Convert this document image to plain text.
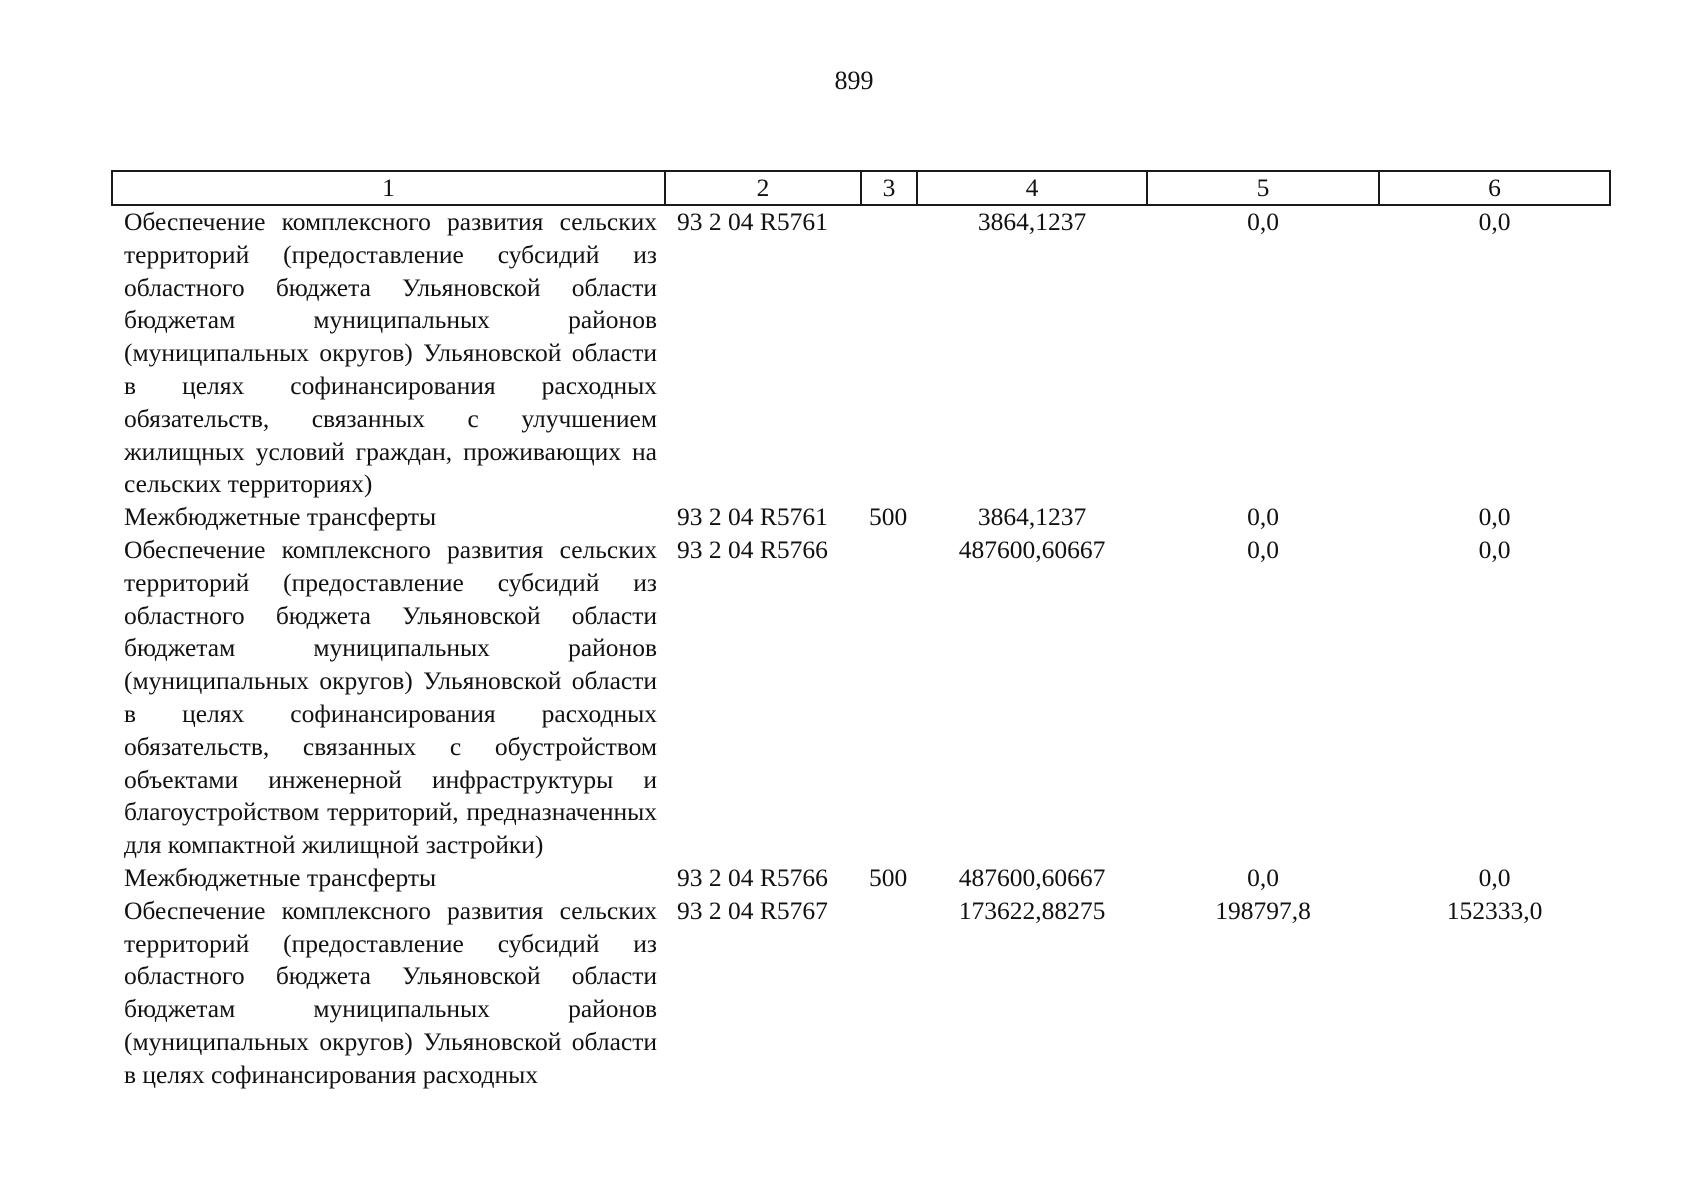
899
1	2	3	4	5	6
Обеспечение комплексного развития сельских территорий (предоставление субсидий из областного бюджета Ульяновской области бюджетам муниципальных районов (муниципальных округов) Ульяновской области в целях софинансирования расходных обязательств, связанных с улучшением жилищных условий граждан, проживающих на сельских территориях)	93 2 04 R5761		3864,1237	0,0	0,0
Межбюджетные трансферты	93 2 04 R5761	500	3864,1237	0,0	0,0
Обеспечение комплексного развития сельских территорий (предоставление субсидий из областного бюджета Ульяновской области бюджетам муниципальных районов (муниципальных округов) Ульяновской области в целях софинансирования расходных обязательств, связанных с обустройством объектами инженерной инфраструктуры и благоустройством территорий, предназначенных для компактной жилищной застройки)	93 2 04 R5766		487600,60667	0,0	0,0
Межбюджетные трансферты	93 2 04 R5766	500	487600,60667	0,0	0,0
Обеспечение комплексного развития сельских территорий (предоставление субсидий из областного бюджета Ульяновской области бюджетам муниципальных районов (муниципальных округов) Ульяновской области в целях софинансирования расходных	93 2 04 R5767		173622,88275	198797,8	152333,0
